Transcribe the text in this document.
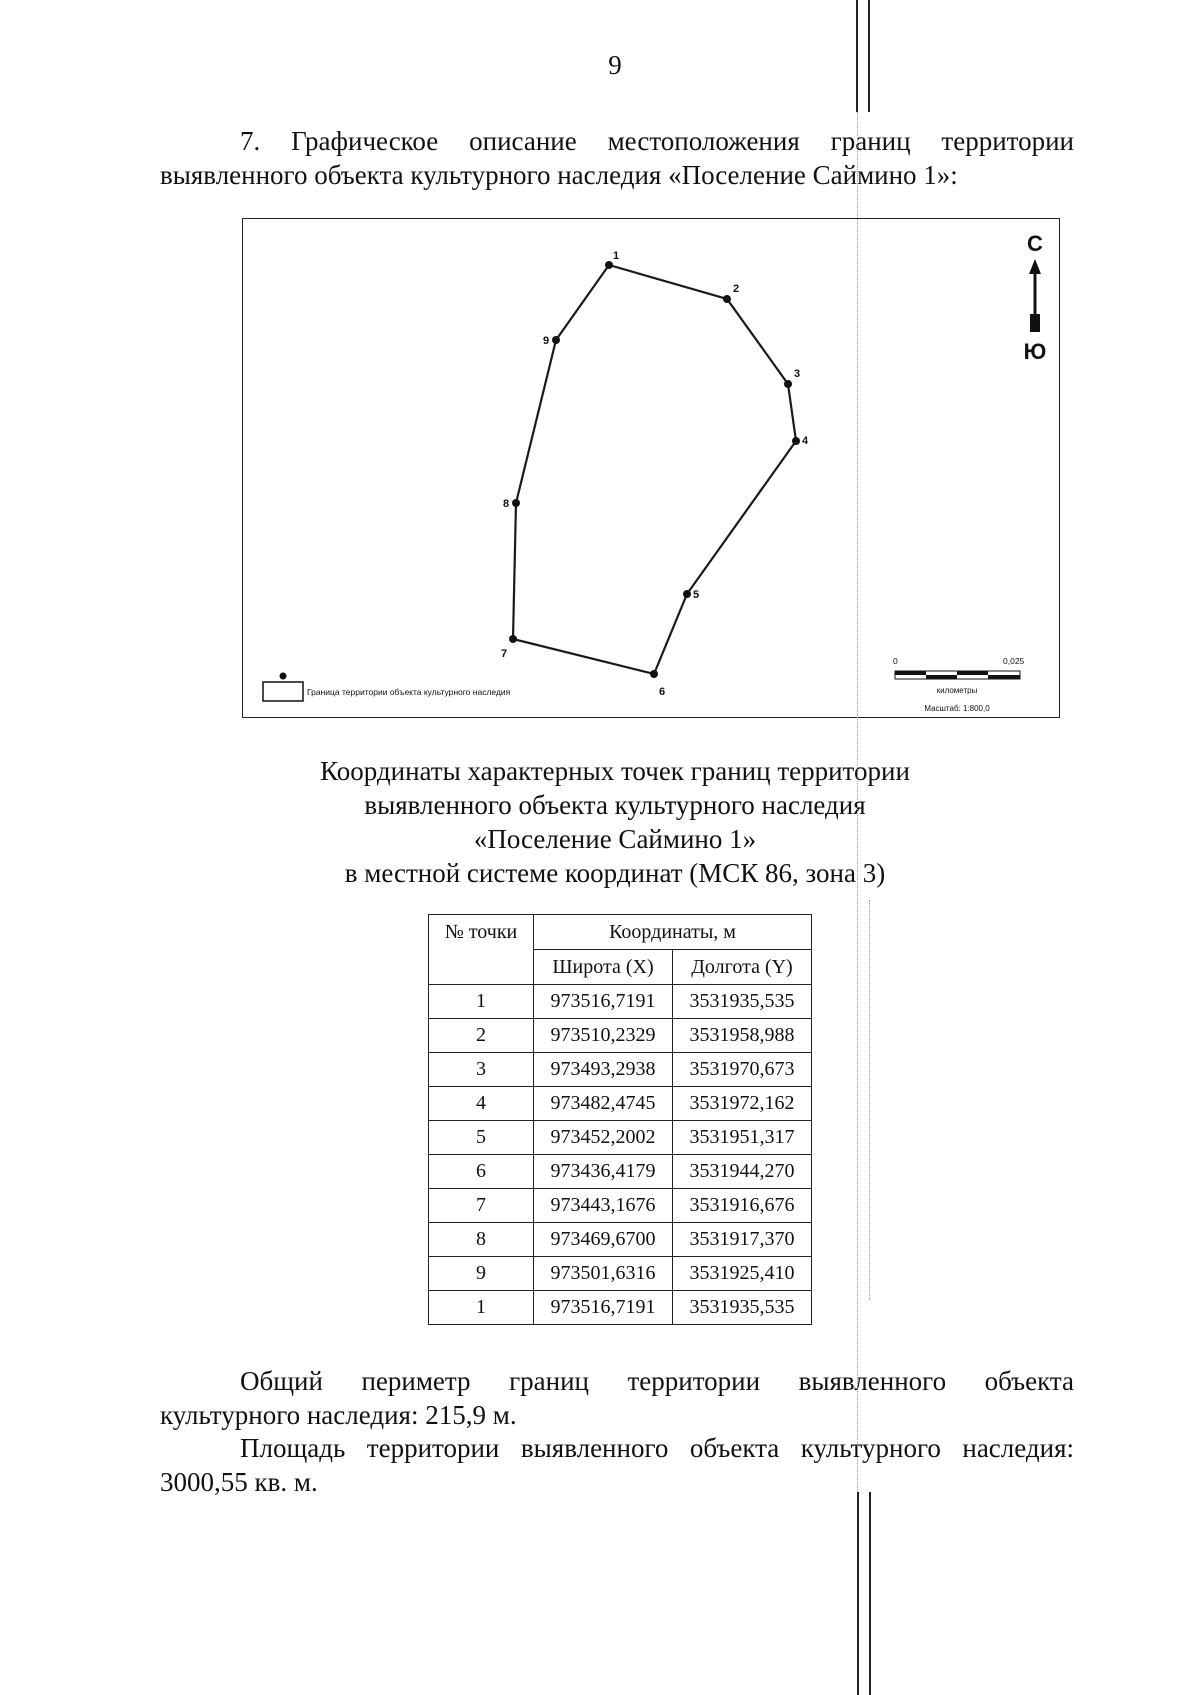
9
7. Графическое описание местоположения границ территории
выявленного объекта культурного наследия «Поселение Саймино 1»:
1
2
3
4
5
6
7
8
9
С
Ю
Граница территории объекта культурного наследия
0	0,025
километры
Масштаб: 1:800,0
Координаты характерных точек границ территории
выявленного объекта культурного наследия
«Поселение Саймино 1»
в местной системе координат (МСК 86, зона 3)
№ точки	Координаты, м	
	Широта (X)	Долгота (Y)
1	973516,7191	3531935,535
2	973510,2329	3531958,988
3	973493,2938	3531970,673
4	973482,4745	3531972,162
5	973452,2002	3531951,317
6	973436,4179	3531944,270
7	973443,1676	3531916,676
8	973469,6700	3531917,370
9	973501,6316	3531925,410
1	973516,7191	3531935,535
Общий периметр границ территории выявленного объекта
культурного наследия: 215,9 м.
Площадь территории выявленного объекта культурного наследия:
3000,55 кв. м.
